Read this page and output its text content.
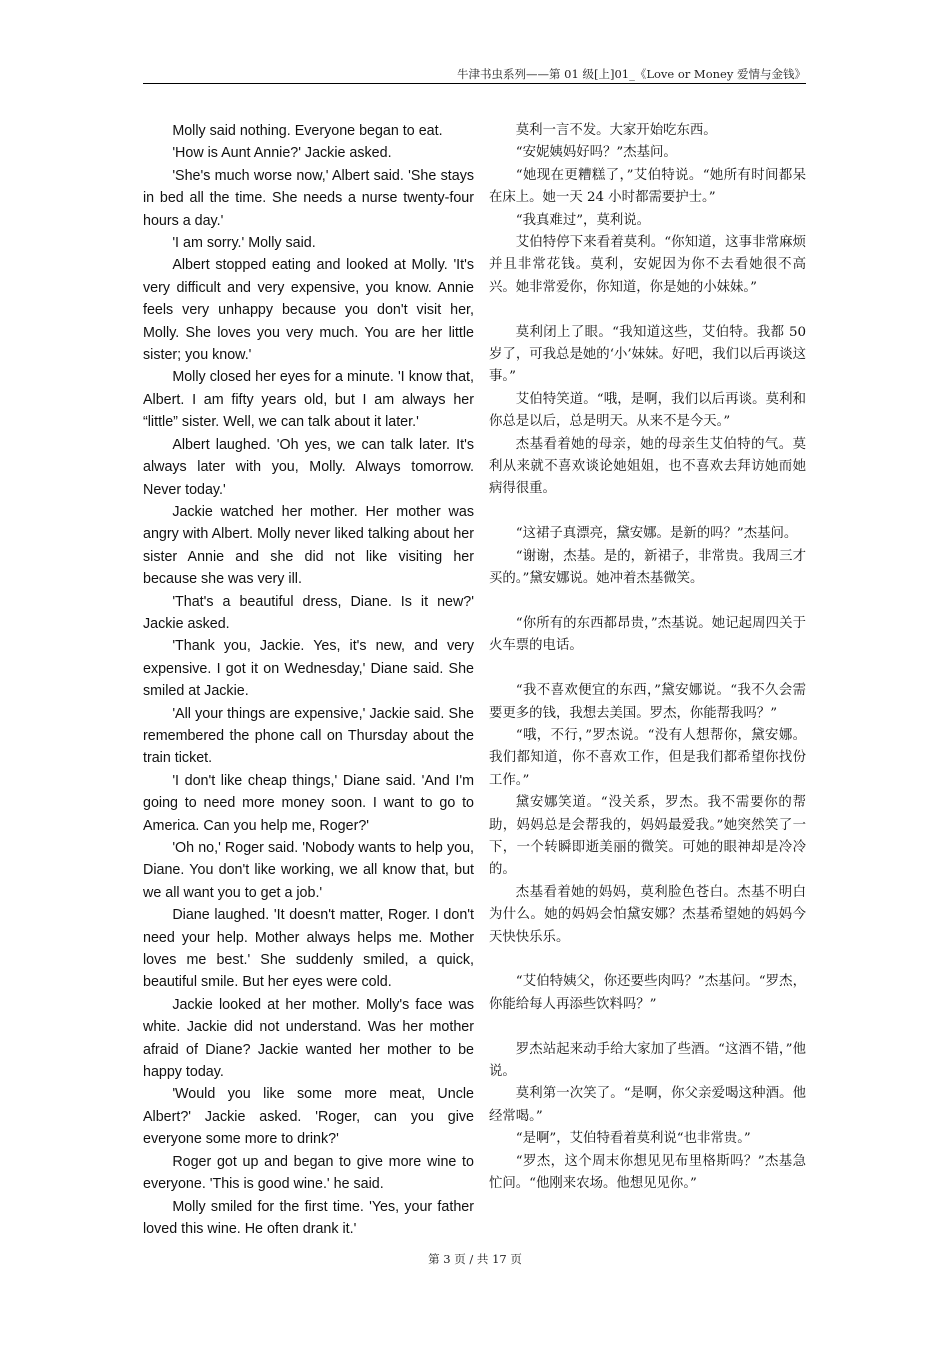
牛津书虫系列——第 01 级[上]01_《Love or Money 爱情与金钱》

Molly said nothing. Everyone began to eat.

'How is Aunt Annie?' Jackie asked.

'She's much worse now,' Albert said. 'She stays in bed all the time. She needs a nurse twenty-four hours a day.'

'I am sorry.' Molly said.

Albert stopped eating and looked at Molly. 'It's very difficult and very expensive, you know. Annie feels very unhappy because you don't visit her, Molly. She loves you very much. You are her little sister; you know.'

Molly closed her eyes for a minute. 'I know that, Albert. I am fifty years old, but I am always her “little” sister. Well, we can talk about it later.'

Albert laughed. 'Oh yes, we can talk later. It's always later with you, Molly. Always tomorrow. Never today.'

Jackie watched her mother. Her mother was angry with Albert. Molly never liked talking about her sister Annie and she did not like visiting her because she was very ill.

'That's a beautiful dress, Diane. Is it new?' Jackie asked.

'Thank you, Jackie. Yes, it's new, and very expensive. I got it on Wednesday,' Diane said. She smiled at Jackie.

'All your things are expensive,' Jackie said. She remembered the phone call on Thursday about the train ticket.

'I don't like cheap things,' Diane said. 'And I'm going to need more money soon. I want to go to America. Can you help me, Roger?'

'Oh no,' Roger said. 'Nobody wants to help you, Diane. You don't like working, we all know that, but we all want you to get a job.'

Diane laughed. 'It doesn't matter, Roger. I don't need your help. Mother always helps me. Mother loves me best.' She suddenly smiled, a quick, beautiful smile. But her eyes were cold.

Jackie looked at her mother. Molly's face was white. Jackie did not understand. Was her mother afraid of Diane? Jackie wanted her mother to be happy today.

'Would you like some more meat, Uncle Albert?' Jackie asked. 'Roger, can you give everyone some more to drink?'

Roger got up and began to give more wine to everyone. 'This is good wine.' he said.

Molly smiled for the first time. 'Yes, your father loved this wine. He often drank it.'

莫利一言不发。大家开始吃东西。

“安妮姨妈好吗？”杰基问。

“她现在更糟糕了，”艾伯特说。“她所有时间都呆在床上。她一天 24 小时都需要护士。”

“我真难过”，莫利说。

艾伯特停下来看着莫利。“你知道，这事非常麻烦并且非常花钱。莫利，安妮因为你不去看她很不高兴。她非常爱你，你知道，你是她的小妹妹。”

莫利闭上了眼。“我知道这些，艾伯特。我都 50 岁了，可我总是她的‘小’妹妹。好吧，我们以后再谈这事。”

艾伯特笑道。“哦，是啊，我们以后再谈。莫利和你总是以后，总是明天。从来不是今天。”

杰基看着她的母亲，她的母亲生艾伯特的气。莫利从来就不喜欢谈论她姐姐，也不喜欢去拜访她而她病得很重。

“这裙子真漂亮，黛安娜。是新的吗？”杰基问。

“谢谢，杰基。是的，新裙子，非常贵。我周三才买的。”黛安娜说。她冲着杰基微笑。

“你所有的东西都昂贵，”杰基说。她记起周四关于火车票的电话。

“我不喜欢便宜的东西，”黛安娜说。“我不久会需要更多的钱，我想去美国。罗杰，你能帮我吗？”

“哦，不行，”罗杰说。“没有人想帮你，黛安娜。我们都知道，你不喜欢工作，但是我们都希望你找份工作。”

黛安娜笑道。“没关系，罗杰。我不需要你的帮助，妈妈总是会帮我的，妈妈最爱我。”她突然笑了一下，一个转瞬即逝美丽的微笑。可她的眼神却是冷冷的。

杰基看着她的妈妈，莫利脸色苍白。杰基不明白为什么。她的妈妈会怕黛安娜？杰基希望她的妈妈今天快快乐乐。

“艾伯特姨父，你还要些肉吗？”杰基问。“罗杰，你能给每人再添些饮料吗？”

罗杰站起来动手给大家加了些酒。“这酒不错，”他说。

莫利第一次笑了。“是啊，你父亲爱喝这种酒。他经常喝。”

“是啊”，艾伯特看着莫利说“也非常贵。”

“罗杰，这个周末你想见见布里格斯吗？”杰基急忙问。“他刚来农场。他想见见你。”

第 3 页 / 共 17 页
